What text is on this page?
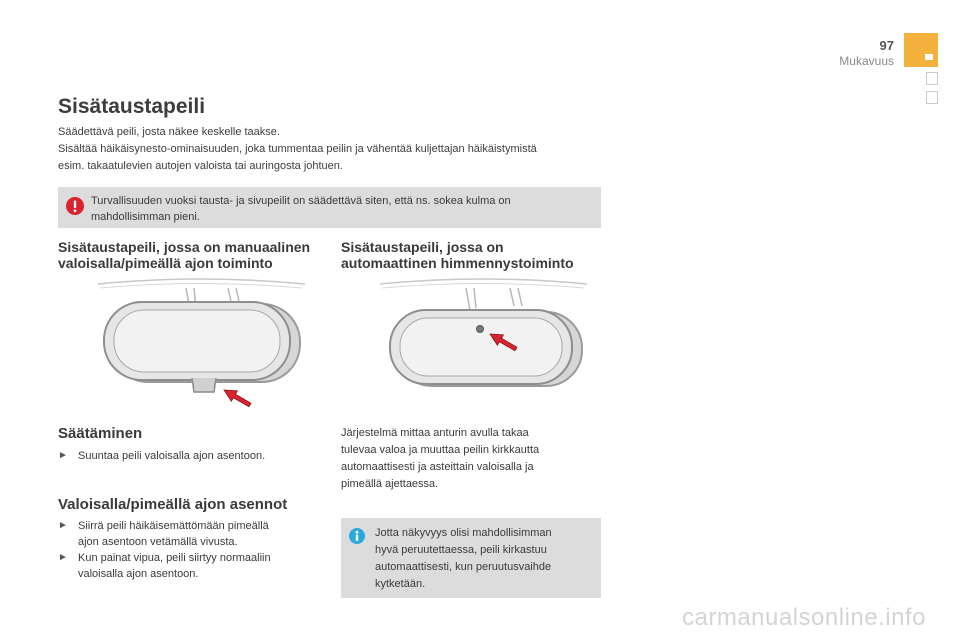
97
Mukavuus
Sisätaustapeili
Säädettävä peili, josta näkee keskelle taakse.
Sisältää häikäisynesto-ominaisuuden, joka tummentaa peilin ja vähentää kuljettajan häikäistymistä
esim. takaatulevien autojen valoista tai auringosta johtuen.
Turvallisuuden vuoksi tausta- ja sivupeilit on säädettävä siten, että ns. sokea kulma on
mahdollisimman pieni.
Sisätaustapeili, jossa on manuaalinen
valoisalla/pimeällä ajon toiminto
Sisätaustapeili, jossa on
automaattinen himmennystoiminto
Säätäminen
► Suuntaa peili valoisalla ajon asentoon.
Valoisalla/pimeällä ajon asennot
► Siirrä peili häikäisemättömään pimeällä
ajon asentoon vetämällä vivusta.
► Kun painat vipua, peili siirtyy normaaliin
valoisalla ajon asentoon.
Järjestelmä mittaa anturin avulla takaa
tulevaa valoa ja muuttaa peilin kirkkautta
automaattisesti ja asteittain valoisalla ja
pimeällä ajettaessa.
Jotta näkyvyys olisi mahdollisimman
hyvä peruutettaessa, peili kirkastuu
automaattisesti, kun peruutusvaihde
kytketään.
carmanualsonline.info
